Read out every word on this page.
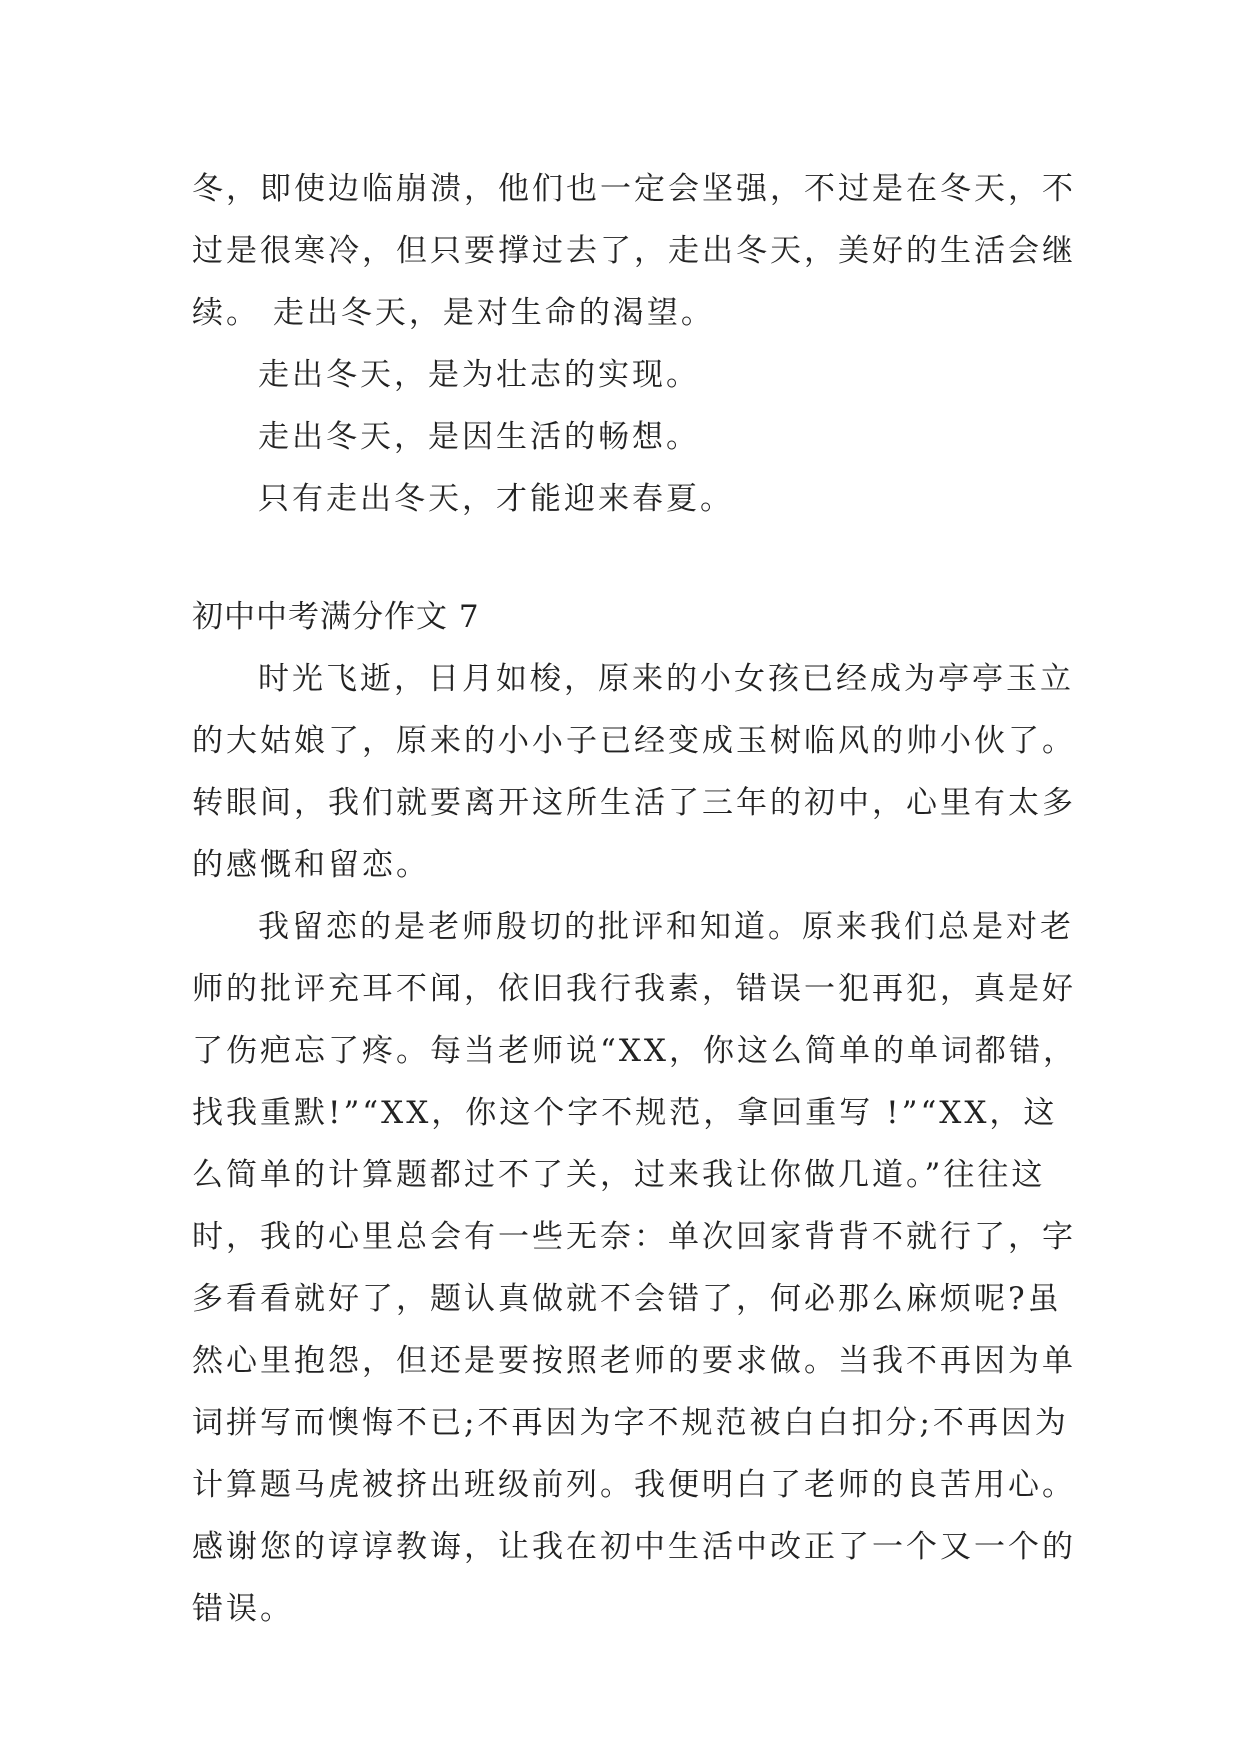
冬，即使边临崩溃，他们也一定会坚强，不过是在冬天，不
过是很寒冷，但只要撑过去了，走出冬天，美好的生活会继
续。 走出冬天，是对生命的渴望。
走出冬天，是为壮志的实现。
走出冬天，是因生活的畅想。
只有走出冬天，才能迎来春夏。
初中中考满分作文 7
时光飞逝，日月如梭，原来的小女孩已经成为亭亭玉立
的大姑娘了，原来的小小子已经变成玉树临风的帅小伙了。
转眼间，我们就要离开这所生活了三年的初中，心里有太多
的感慨和留恋。
我留恋的是老师殷切的批评和知道。原来我们总是对老
师的批评充耳不闻，依旧我行我素，错误一犯再犯，真是好
了伤疤忘了疼。每当老师说“XX，你这么简单的单词都错，
找我重默!”“XX，你这个字不规范，拿回重写 !”“XX，这
么简单的计算题都过不了关，过来我让你做几道。”往往这
时，我的心里总会有一些无奈：单次回家背背不就行了，字
多看看就好了，题认真做就不会错了，何必那么麻烦呢?虽
然心里抱怨，但还是要按照老师的要求做。当我不再因为单
词拼写而懊悔不已;不再因为字不规范被白白扣分;不再因为
计算题马虎被挤出班级前列。我便明白了老师的良苦用心。
感谢您的谆谆教诲，让我在初中生活中改正了一个又一个的
错误。
